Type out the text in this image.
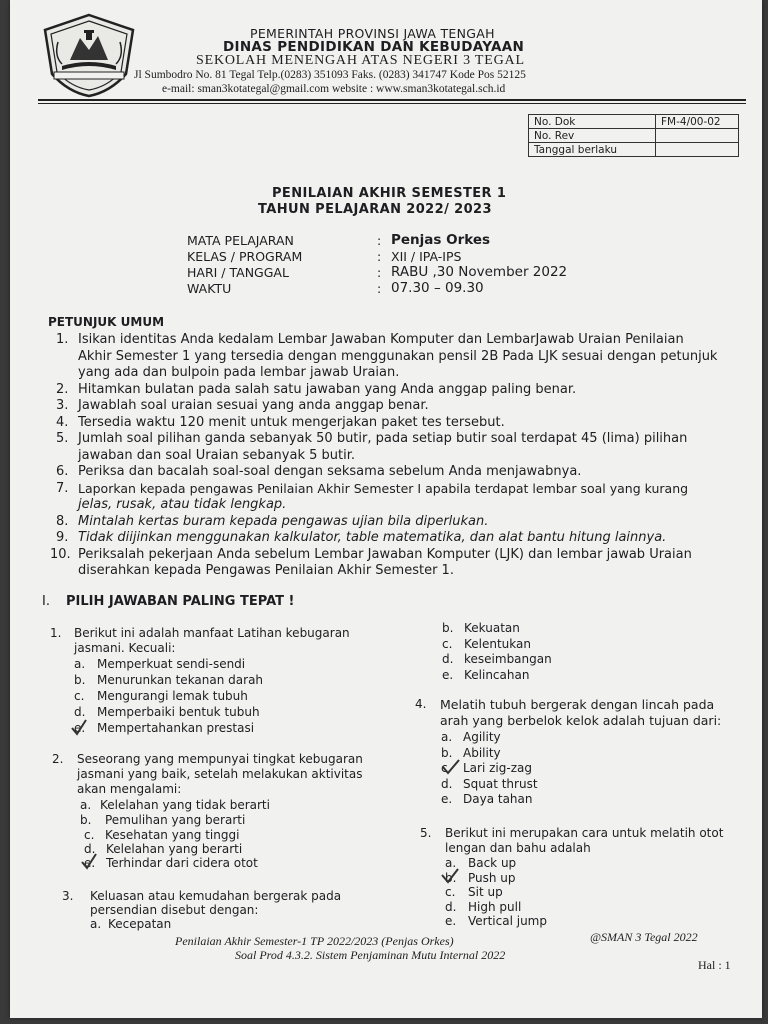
PEMERINTAH PROVINSI JAWA TENGAH
DINAS PENDIDIKAN DAN KEBUDAYAAN
SEKOLAH MENENGAH ATAS NEGERI 3 TEGAL
Jl Sumbodro No. 81 Tegal Telp.(0283) 351093 Faks. (0283) 341747 Kode Pos 52125
e-mail: sman3kotategal@gmail.com website : www.sman3kotategal.sch.id
No. Dok	FM-4/00-02
No. Rev	
Tanggal berlaku	
PENILAIAN AKHIR SEMESTER 1
TAHUN PELAJARAN 2022/ 2023
MATA PELAJARAN	:	Penjas Orkes
KELAS / PROGRAM	:	XII / IPA-IPS
HARI / TANGGAL	:	RABU ,30 November 2022
WAKTU	:	07.30 – 09.30
PETUNJUK UMUM
1. Isikan identitas Anda kedalam Lembar Jawaban Komputer dan LembarJawab Uraian Penilaian
Akhir Semester 1 yang tersedia dengan menggunakan pensil 2B Pada LJK sesuai dengan petunjuk
yang ada dan bulpoin pada lembar jawab Uraian.
2. Hitamkan bulatan pada salah satu jawaban yang Anda anggap paling benar.
3. Jawablah soal uraian sesuai yang anda anggap benar.
4. Tersedia waktu 120 menit untuk mengerjakan paket tes tersebut.
5. Jumlah soal pilihan ganda sebanyak 50 butir, pada setiap butir soal terdapat 45 (lima) pilihan
jawaban dan soal Uraian sebanyak 5 butir.
6. Periksa dan bacalah soal-soal dengan seksama sebelum Anda menjawabnya.
7. Laporkan kepada pengawas Penilaian Akhir Semester I apabila terdapat lembar soal yang kurang
jelas, rusak, atau tidak lengkap.
8. Mintalah kertas buram kepada pengawas ujian bila diperlukan.
9. Tidak diijinkan menggunakan kalkulator, table matematika, dan alat bantu hitung lainnya.
10. Periksalah pekerjaan Anda sebelum Lembar Jawaban Komputer (LJK) dan lembar jawab Uraian
diserahkan kepada Pengawas Penilaian Akhir Semester 1.
I. PILIH JAWABAN PALING TEPAT !
1. Berikut ini adalah manfaat Latihan kebugaran
jasmani. Kecuali:
a. Memperkuat sendi-sendi
b. Menurunkan tekanan darah
c. Mengurangi lemak tubuh
d. Memperbaiki bentuk tubuh
e. Mempertahankan prestasi
2. Seseorang yang mempunyai tingkat kebugaran
jasmani yang baik, setelah melakukan aktivitas
akan mengalami:
a. Kelelahan yang tidak berarti
b. Pemulihan yang berarti
c. Kesehatan yang tinggi
d. Kelelahan yang berarti
e. Terhindar dari cidera otot
3. Keluasan atau kemudahan bergerak pada
persendian disebut dengan:
a. Kecepatan
b. Kekuatan
c. Kelentukan
d. keseimbangan
e. Kelincahan
4. Melatih tubuh bergerak dengan lincah pada
arah yang berbelok kelok adalah tujuan dari:
a. Agility
b. Ability
c. Lari zig-zag
d. Squat thrust
e. Daya tahan
5. Berikut ini merupakan cara untuk melatih otot
lengan dan bahu adalah
a. Back up
b. Push up
c. Sit up
d. High pull
e. Vertical jump
Penilaian Akhir Semester-1 TP 2022/2023 (Penjas Orkes)
Soal Prod 4.3.2. Sistem Penjaminan Mutu Internal 2022
@SMAN 3 Tegal 2022
Hal : 1
